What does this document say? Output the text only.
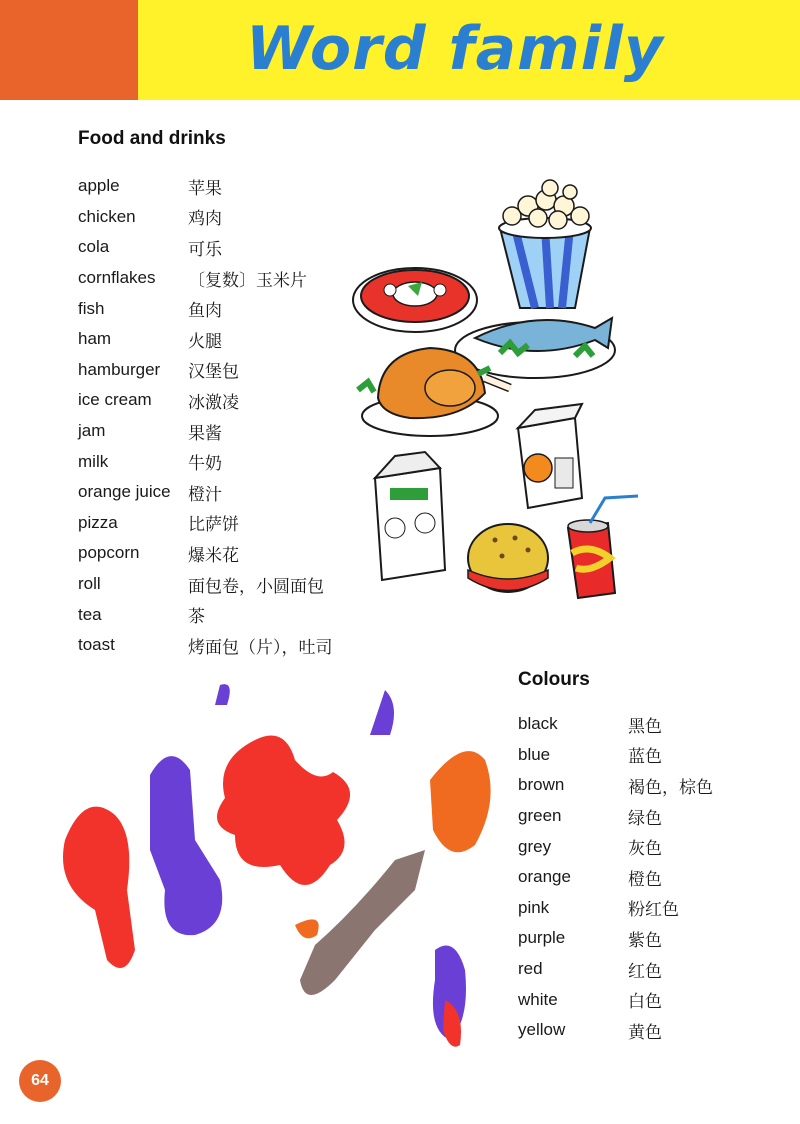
Word family
Food and drinks
apple	苹果
chicken	鸡肉
cola	可乐
cornflakes	〔复数〕玉米片
fish	鱼肉
ham	火腿
hamburger	汉堡包
ice cream	冰激凌
jam	果酱
milk	牛奶
orange juice	橙汁
pizza	比萨饼
popcorn	爆米花
roll	面包卷，小圆面包
tea	茶
toast	烤面包（片），吐司
Colours
black	黑色
blue	蓝色
brown	褐色，棕色
green	绿色
grey	灰色
orange	橙色
pink	粉红色
purple	紫色
red	红色
white	白色
yellow	黄色
64
